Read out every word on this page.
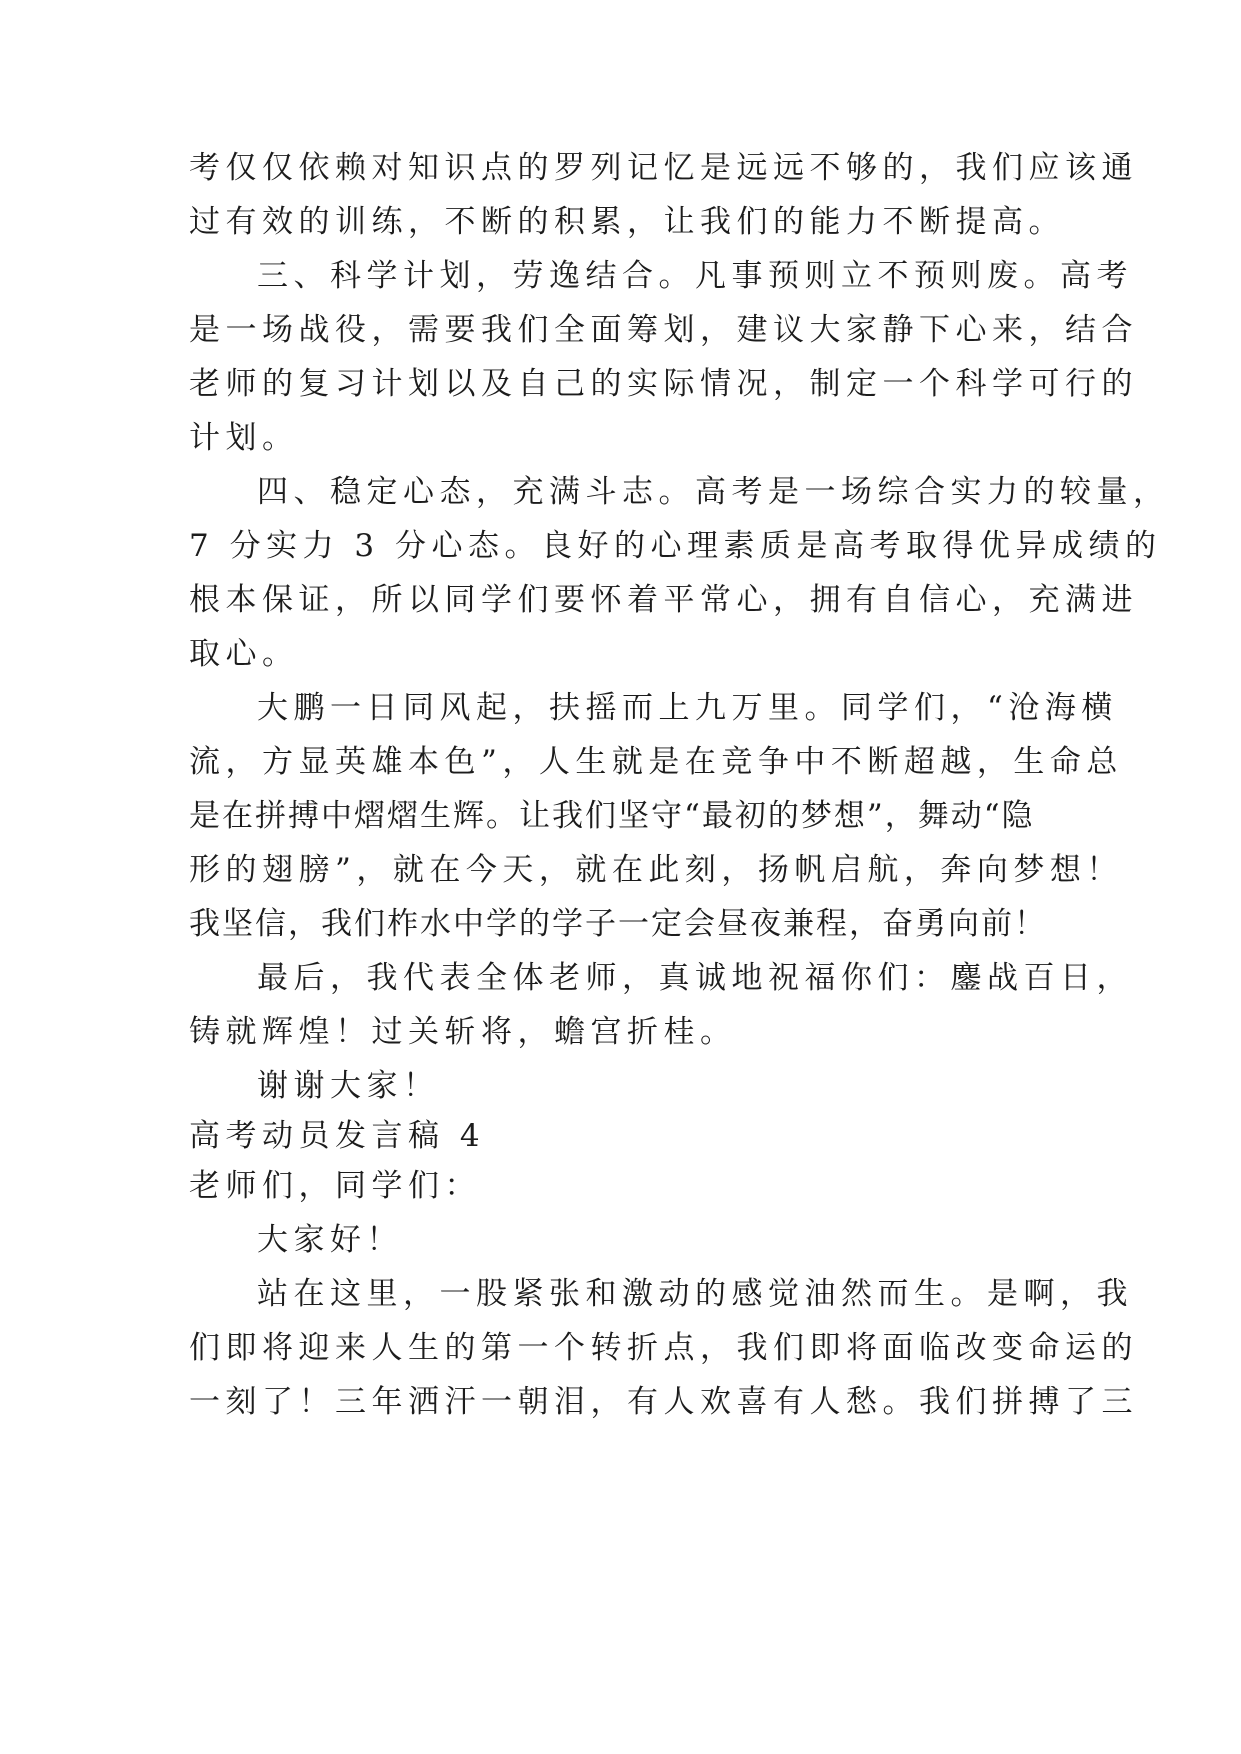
考仅仅依赖对知识点的罗列记忆是远远不够的，我们应该通
过有效的训练，不断的积累，让我们的能力不断提高。
三、科学计划，劳逸结合。凡事预则立不预则废。高考
是一场战役，需要我们全面筹划，建议大家静下心来，结合
老师的复习计划以及自己的实际情况，制定一个科学可行的
计划。
四、稳定心态，充满斗志。高考是一场综合实力的较量，
7 分实力 3 分心态。良好的心理素质是高考取得优异成绩的
根本保证，所以同学们要怀着平常心，拥有自信心，充满进
取心。
大鹏一日同风起，扶摇而上九万里。同学们，“沧海横
流，方显英雄本色”，人生就是在竞争中不断超越，生命总
是在拼搏中熠熠生辉。让我们坚守“最初的梦想”，舞动“隐
形的翅膀”，就在今天，就在此刻，扬帆启航，奔向梦想！
我坚信，我们柞水中学的学子一定会昼夜兼程，奋勇向前！
最后，我代表全体老师，真诚地祝福你们：鏖战百日，
铸就辉煌！过关斩将，蟾宫折桂。
谢谢大家！
高考动员发言稿 4
老师们，同学们：
大家好！
站在这里，一股紧张和激动的感觉油然而生。是啊，我
们即将迎来人生的第一个转折点，我们即将面临改变命运的
一刻了！三年洒汗一朝泪，有人欢喜有人愁。我们拼搏了三
